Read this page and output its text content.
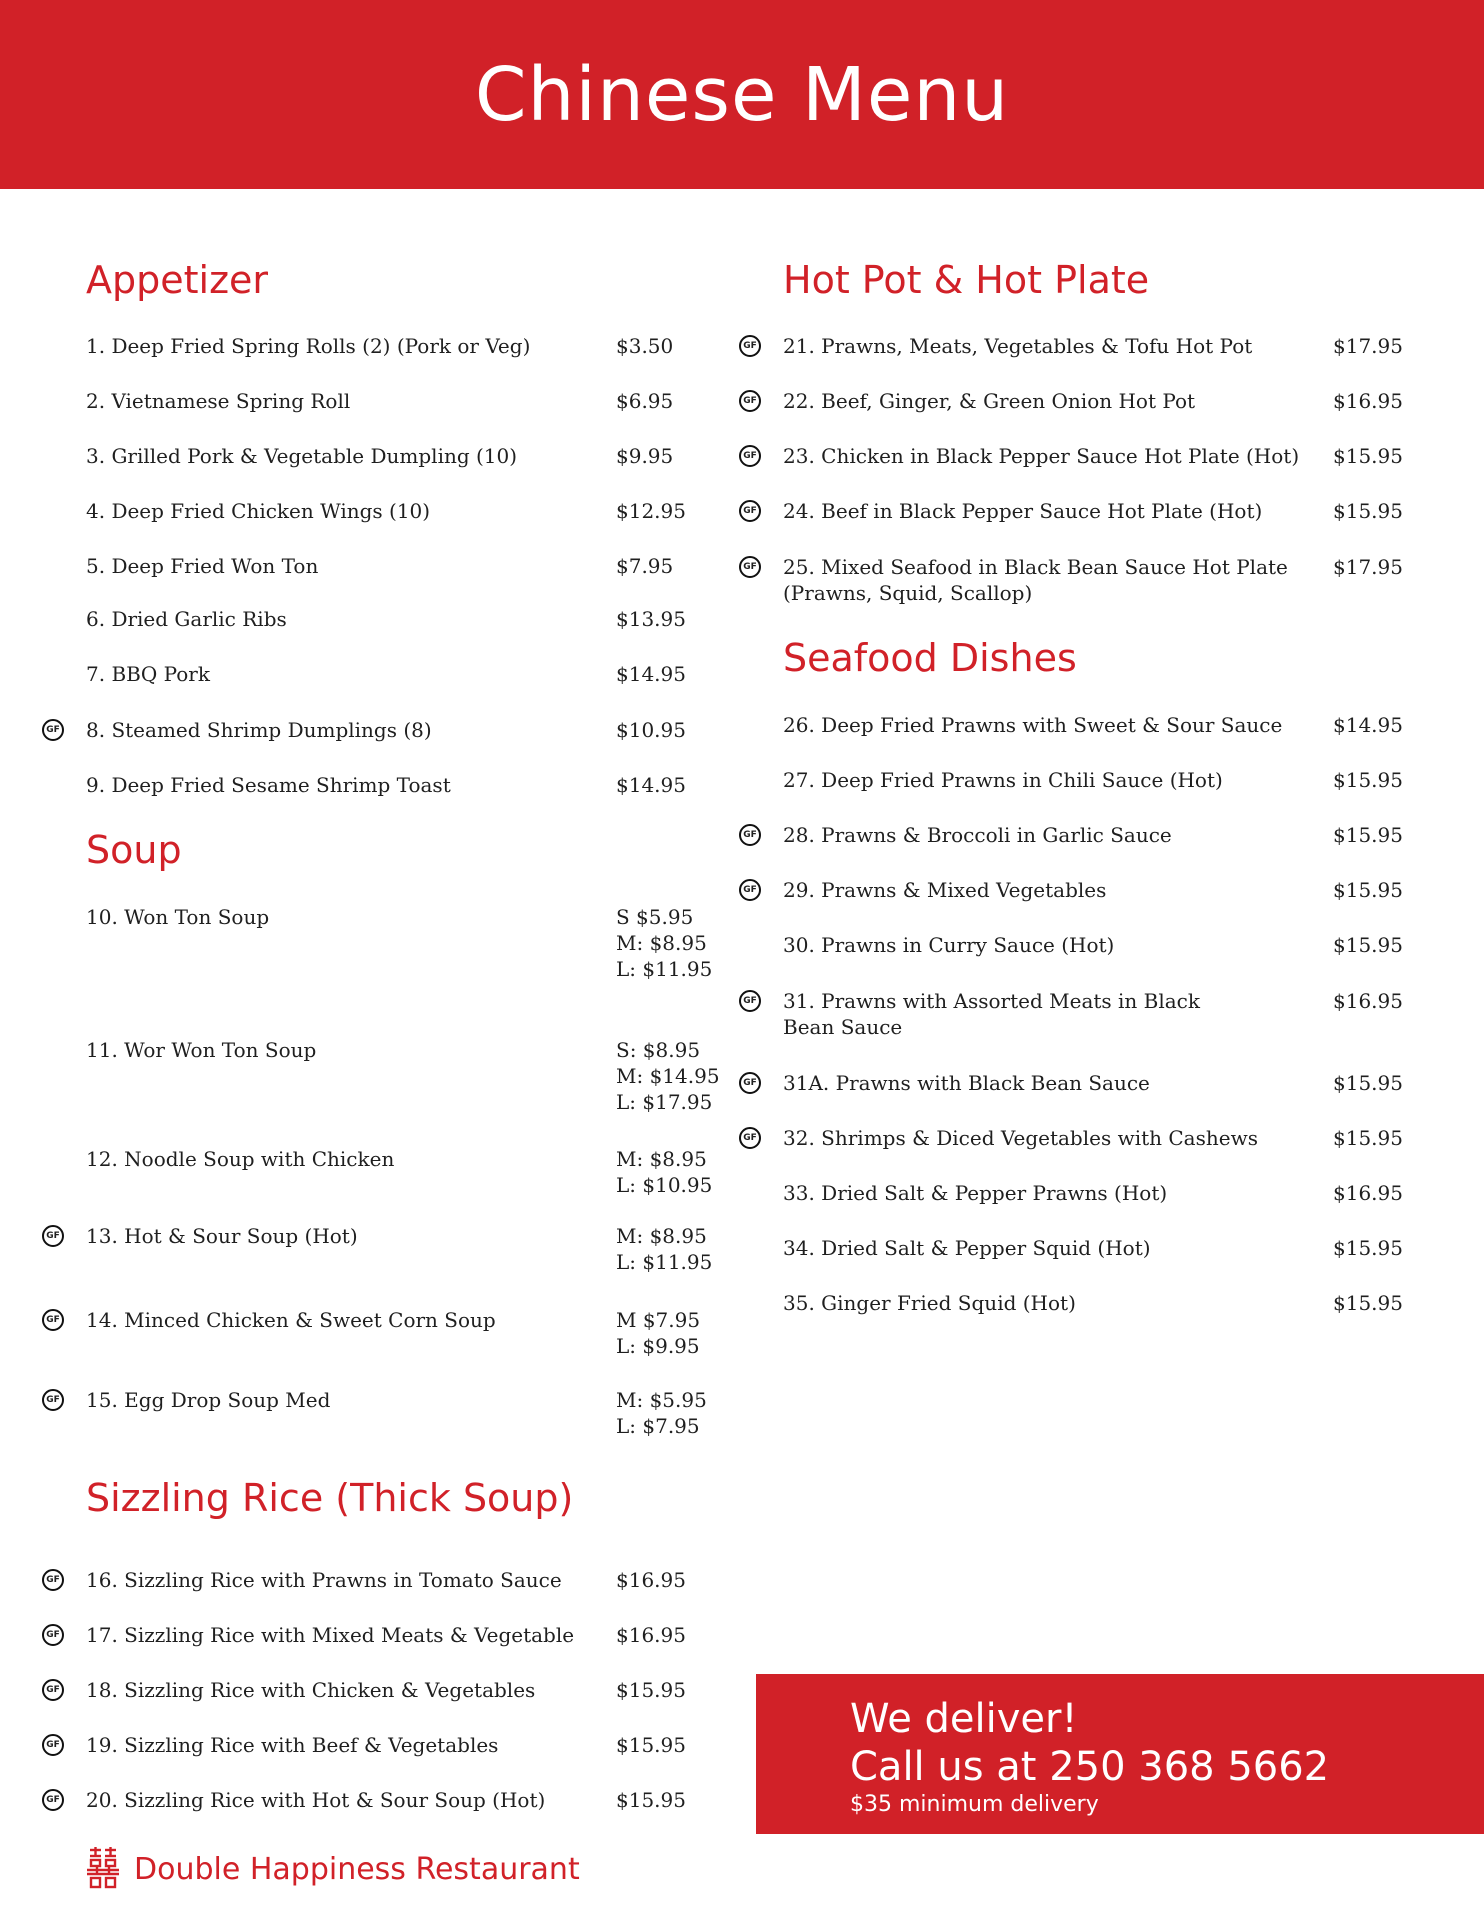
Chinese Menu
Appetizer
1. Deep Fried Spring Rolls (2) (Pork or Veg)	$3.50
2. Vietnamese Spring Roll	$6.95
3. Grilled Pork & Vegetable Dumpling (10)	$9.95
4. Deep Fried Chicken Wings (10)	$12.95
5. Deep Fried Won Ton	$7.95
6. Dried Garlic Ribs	$13.95
7. BBQ Pork	$14.95
GF 8. Steamed Shrimp Dumplings (8)	$10.95
9. Deep Fried Sesame Shrimp Toast	$14.95
Soup
10. Won Ton Soup	S $5.95
M: $8.95
L: $11.95
11. Wor Won Ton Soup	S: $8.95
M: $14.95
L: $17.95
12. Noodle Soup with Chicken	M: $8.95
L: $10.95
GF 13. Hot & Sour Soup (Hot)	M: $8.95
L: $11.95
GF 14. Minced Chicken & Sweet Corn Soup	M $7.95
L: $9.95
GF 15. Egg Drop Soup Med	M: $5.95
L: $7.95
Sizzling Rice (Thick Soup)
GF 16. Sizzling Rice with Prawns in Tomato Sauce	$16.95
GF 17. Sizzling Rice with Mixed Meats & Vegetable $16.95
GF 18. Sizzling Rice with Chicken & Vegetables	$15.95
GF 19. Sizzling Rice with Beef & Vegetables	$15.95
GF 20. Sizzling Rice with Hot & Sour Soup (Hot)	$15.95
Hot Pot & Hot Plate
GF 21. Prawns, Meats, Vegetables & Tofu Hot Pot	$17.95
GF 22. Beef, Ginger, & Green Onion Hot Pot	$16.95
GF 23. Chicken in Black Pepper Sauce Hot Plate (Hot) $15.95
GF 24. Beef in Black Pepper Sauce Hot Plate (Hot)	$15.95
GF 25. Mixed Seafood in Black Bean Sauce Hot Plate
(Prawns, Squid, Scallop)
$17.95
Seafood Dishes
26. Deep Fried Prawns with Sweet & Sour Sauce	$14.95
27. Deep Fried Prawns in Chili Sauce (Hot)	$15.95
GF 28. Prawns & Broccoli in Garlic Sauce	$15.95
GF 29. Prawns & Mixed Vegetables	$15.95
30. Prawns in Curry Sauce (Hot)	$15.95
GF 31. Prawns with Assorted Meats in Black
Bean Sauce
$16.95
GF 31A. Prawns with Black Bean Sauce	$15.95
GF 32. Shrimps & Diced Vegetables with Cashews	$15.95
33. Dried Salt & Pepper Prawns (Hot)	$16.95
34. Dried Salt & Pepper Squid (Hot)	$15.95
35. Ginger Fried Squid (Hot)	$15.95
We deliver!
Call us at 250 368 5662
$35 minimum delivery
Double Happiness Restaurant
